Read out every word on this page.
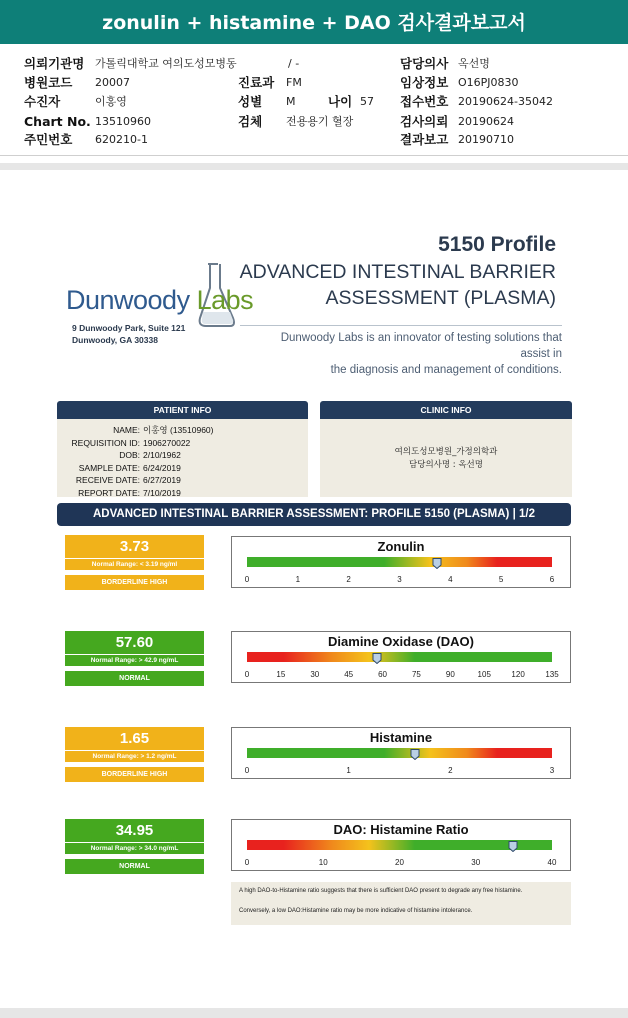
zonulin + histamine + DAO 검사결과보고서
의뢰기관명 가톨릭대학교 여의도성모병동
병원코드 20007
수진자	이홍영
Chart No. 13510960
주민번호 620210-1
/ -
진료과 FM
성별 M	나이 57
검체 전용용기 혈장
담당의사 옥선명
임상정보 O16PJ0830
접수번호 20190624-35042
검사의뢰 20190624
결과보고 20190710
5150 Profile
ADVANCED INTESTINAL BARRIER
ASSESSMENT (PLASMA)
Dunwoody Labs
9 Dunwoody Park, Suite 121
Dunwoody, GA 30338	Dunwoody Labs is an innovator of testing solutions that assist in
the diagnosis and management of conditions.
PATIENT INFO
NAME: 이홍영 (13510960)
REQUISITION ID: 1906270022
DOB: 2/10/1962
SAMPLE DATE: 6/24/2019
RECEIVE DATE: 6/27/2019
REPORT DATE: 7/10/2019
CLINIC INFO
여의도성모병원_가정의학과
담당의사명 : 옥선명
ADVANCED INTESTINAL BARRIER ASSESSMENT: PROFILE 5150 (PLASMA) | 1/2
3.73
Normal Range: < 3.19 ng/ml
BORDERLINE HIGH
Zonulin
0	1	2	3	4	5	6
57.60
Normal Range: > 42.9 ng/mL
NORMAL
Diamine Oxidase (DAO)
0	15	30	45	60	75	90	105	120	135
1.65
Normal Range: > 1.2 ng/mL
BORDERLINE HIGH
Histamine
0	1	2	3
34.95
Normal Range: > 34.0 ng/mL
NORMAL
DAO: Histamine Ratio
0	10	20	30	40

A high DAO-to-Histamine ratio suggests that there is sufficient DAO present to degrade any free histamine.

Conversely, a low DAO:Histamine ratio may be more indicative of histamine intolerance.
